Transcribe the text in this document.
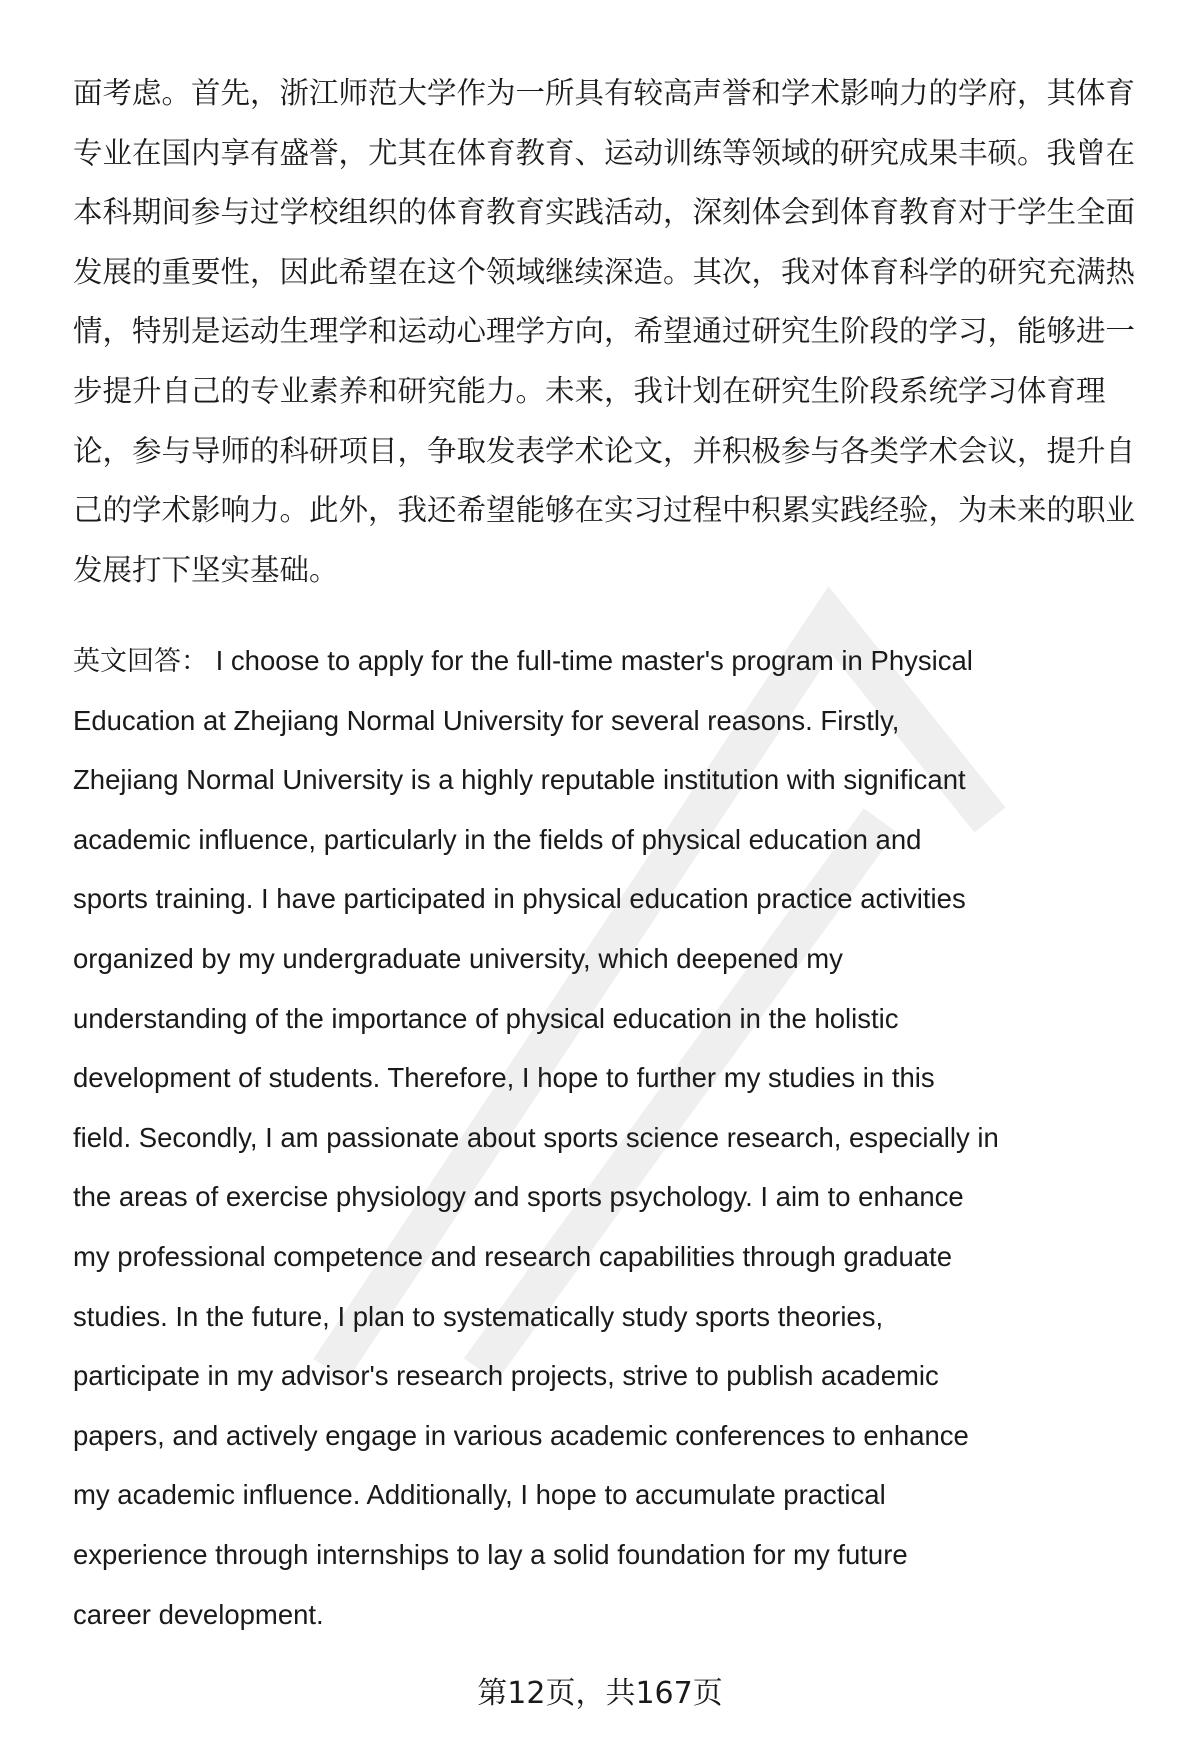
面考虑。首先，浙江师范大学作为一所具有较高声誉和学术影响力的学府，其体育
专业在国内享有盛誉，尤其在体育教育、运动训练等领域的研究成果丰硕。我曾在
本科期间参与过学校组织的体育教育实践活动，深刻体会到体育教育对于学生全面
发展的重要性，因此希望在这个领域继续深造。其次，我对体育科学的研究充满热
情，特别是运动生理学和运动心理学方向，希望通过研究生阶段的学习，能够进一
步提升自己的专业素养和研究能力。未来，我计划在研究生阶段系统学习体育理
论，参与导师的科研项目，争取发表学术论文，并积极参与各类学术会议，提升自
己的学术影响力。此外，我还希望能够在实习过程中积累实践经验，为未来的职业
发展打下坚实基础。
英文回答： I choose to apply for the full-time master's program in Physical
Education at Zhejiang Normal University for several reasons. Firstly,
Zhejiang Normal University is a highly reputable institution with significant
academic influence, particularly in the fields of physical education and
sports training. I have participated in physical education practice activities
organized by my undergraduate university, which deepened my
understanding of the importance of physical education in the holistic
development of students. Therefore, I hope to further my studies in this
field. Secondly, I am passionate about sports science research, especially in
the areas of exercise physiology and sports psychology. I aim to enhance
my professional competence and research capabilities through graduate
studies. In the future, I plan to systematically study sports theories,
participate in my advisor's research projects, strive to publish academic
papers, and actively engage in various academic conferences to enhance
my academic influence. Additionally, I hope to accumulate practical
experience through internships to lay a solid foundation for my future
career development.
第12页，共167页
